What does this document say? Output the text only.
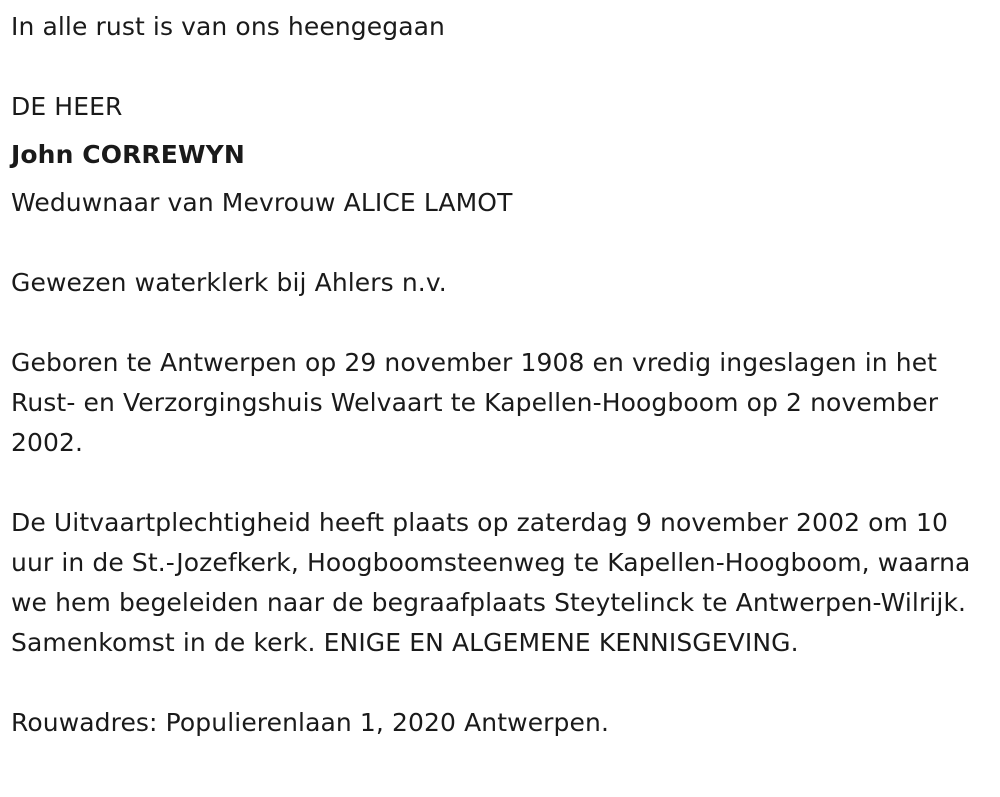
In alle rust is van ons heengegaan

DE HEER

John CORREWYN

Weduwnaar van Mevrouw ALICE LAMOT

Gewezen waterklerk bij Ahlers n.v.

Geboren te Antwerpen op 29 november 1908 en vredig ingeslagen in het Rust- en Verzorgingshuis Welvaart te Kapellen-Hoogboom op 2 november 2002.

De Uitvaartplechtigheid heeft plaats op zaterdag 9 november 2002 om 10 uur in de St.-Jozefkerk, Hoogboomsteenweg te Kapellen-Hoogboom, waarna we hem begeleiden naar de begraafplaats Steytelinck te Antwerpen-Wilrijk. Samenkomst in de kerk. ENIGE EN ALGEMENE KENNISGEVING.

Rouwadres: Populierenlaan 1, 2020 Antwerpen.
